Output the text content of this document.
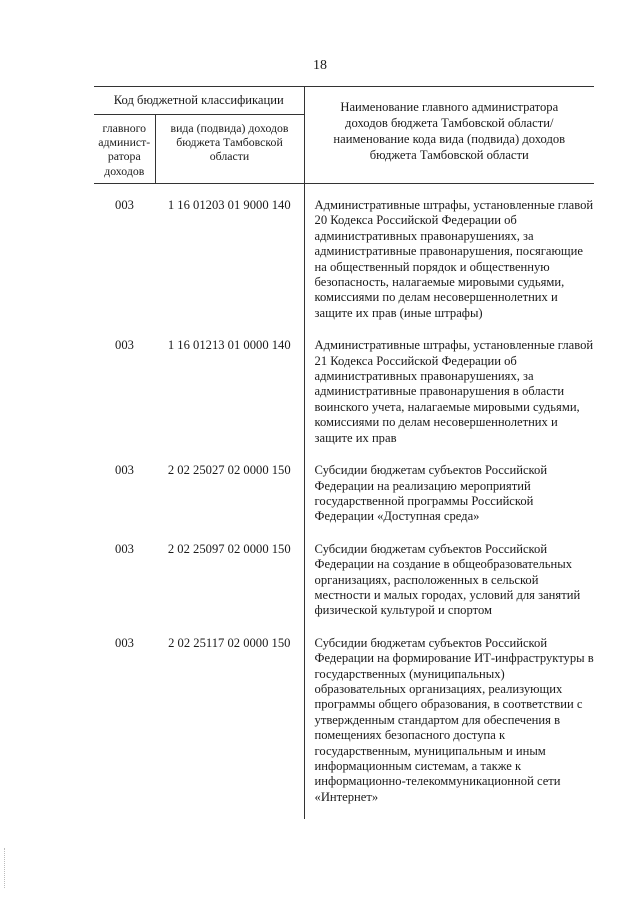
18
Код бюджетной классификации		Наименование главного администратора доходов бюджета Тамбовской области/наименование кода вида (подвида) доходов бюджета Тамбовской области

главного админист-ратора доходов	вида (подвида) доходов бюджета Тамбовской области	
003	1 16 01203 01 9000 140	Административные штрафы, установленные главой 20 Кодекса Российской Федерации об административных правонарушениях, за административные правонарушения, посягающие на общественный порядок и общественную безопасность, налагаемые мировыми судьями, комиссиями по делам несовершеннолетних и защите их прав (иные штрафы)
003	1 16 01213 01 0000 140	Административные штрафы, установленные главой 21 Кодекса Российской Федерации об административных правонарушениях, за административные правонарушения в области воинского учета, налагаемые мировыми судьями, комиссиями по делам несовершеннолетних и защите их прав
003	2 02 25027 02 0000 150	Субсидии бюджетам субъектов Российской Федерации на реализацию мероприятий государственной программы Российской Федерации «Доступная среда»
003	2 02 25097 02 0000 150	Субсидии бюджетам субъектов Российской Федерации на создание в общеобразовательных организациях, расположенных в сельской местности и малых городах, условий для занятий физической культурой и спортом
003	2 02 25117 02 0000 150	Субсидии бюджетам субъектов Российской Федерации на формирование ИТ-инфраструктуры в государственных (муниципальных) образовательных организациях, реализующих программы общего образования, в соответствии с утвержденным стандартом для обеспечения в помещениях безопасного доступа к государственным, муниципальным и иным информационным системам, а также к информационно-телекоммуникационной сети «Интернет»
